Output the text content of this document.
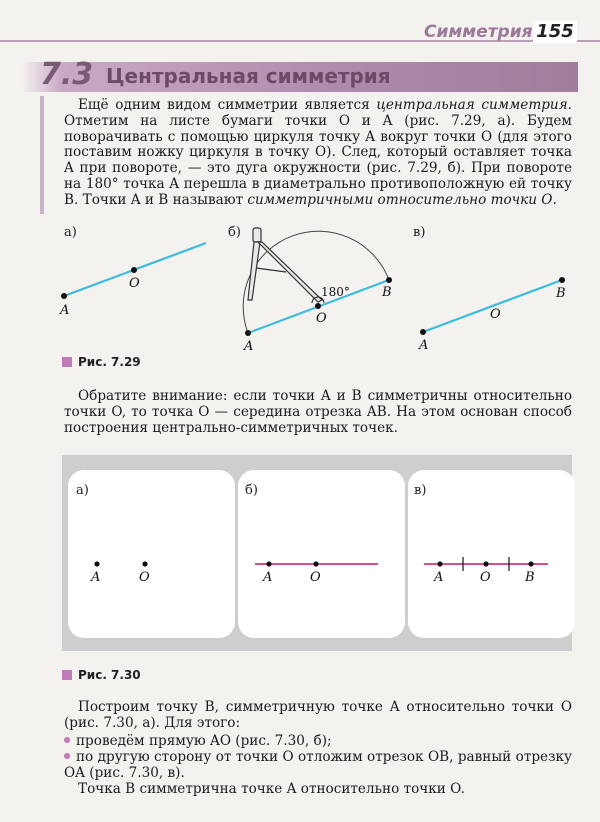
Симметрия 155
7.3 Центральная симметрия

Ещё одним видом симметрии является центральная симметрия. Отметим на листе бумаги точки O и A (рис. 7.29, а). Будем поворачивать с помощью циркуля точку A вокруг точки O (для этого поставим ножку циркуля в точку O). След, который оставляет точка A при повороте, — это дуга окружности (рис. 7.29, б). При повороте на 180° точка A перешла в диаметрально противоположную ей точку B. Точки A и B называют симметричными относительно точки O.

а)
A
O
б)
180°
A
O
B
в)
A
O
B
Рис. 7.29

Обратите внимание: если точки A и B симметричны относительно точки O, то точка O — середина отрезка AB. На этом основан способ построения центрально-симметричных точек.

а)
A	O
б)
A	O
в)
A	O	B
Рис. 7.30

Построим точку B, симметричную точке A относительно точки O (рис. 7.30, а). Для этого:

проведём прямую AO (рис. 7.30, б);
по другую сторону от точки O отложим отрезок OB, равный отрезку OA (рис. 7.30, в).

Точка B симметрична точке A относительно точки O.
